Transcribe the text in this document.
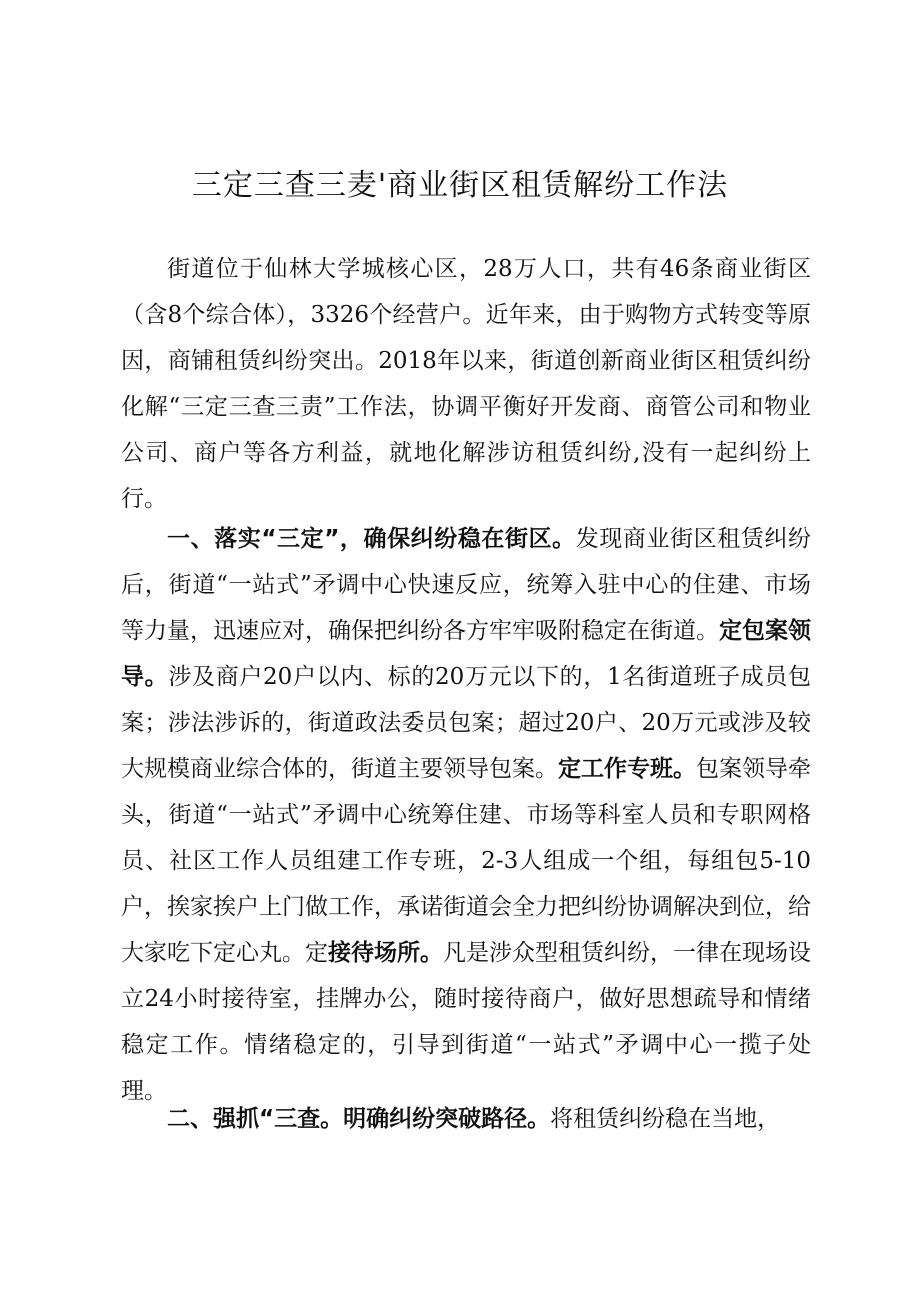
三定三查三麦'商业街区租赁解纷工作法

街道位于仙林大学城核心区，28万人口，共有46条商业街区（含8个综合体），3326个经营户。近年来，由于购物方式转变等原因，商铺租赁纠纷突出。2018年以来，街道创新商业街区租赁纠纷化解“三定三查三责”工作法，协调平衡好开发商、商管公司和物业公司、商户等各方利益，就地化解涉访租赁纠纷,没有一起纠纷上行。

一、落实“三定”，确保纠纷稳在街区。发现商业街区租赁纠纷后，街道“一站式”矛调中心快速反应，统筹入驻中心的住建、市场等力量，迅速应对，确保把纠纷各方牢牢吸附稳定在街道。定包案领导。涉及商户20户以内、标的20万元以下的，1名街道班子成员包案；涉法涉诉的，街道政法委员包案；超过20户、20万元或涉及较大规模商业综合体的，街道主要领导包案。定工作专班。包案领导牵头，街道“一站式”矛调中心统筹住建、市场等科室人员和专职网格员、社区工作人员组建工作专班，2-3人组成一个组，每组包5-10户，挨家挨户上门做工作，承诺街道会全力把纠纷协调解决到位，给大家吃下定心丸。定接待场所。凡是涉众型租赁纠纷，一律在现场设立24小时接待室，挂牌办公，随时接待商户，做好思想疏导和情绪稳定工作。情绪稳定的，引导到街道“一站式”矛调中心一揽子处理。

二、强抓“三查。明确纠纷突破路径。将租赁纠纷稳在当地，
